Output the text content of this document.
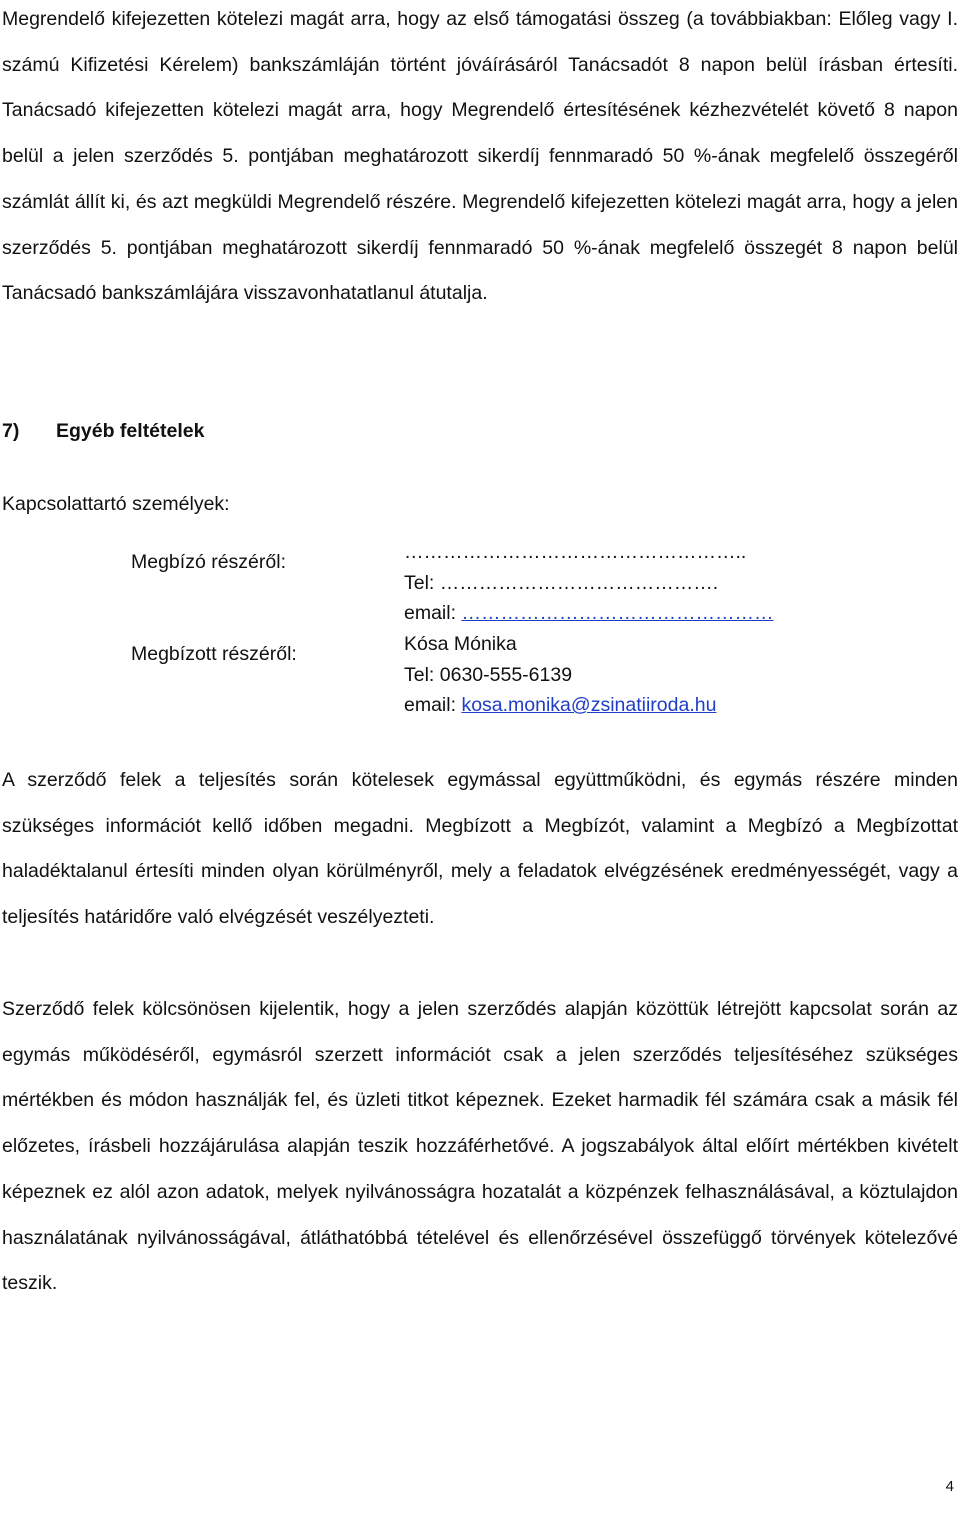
Megrendelő kifejezetten kötelezi magát arra, hogy az első támogatási összeg (a továbbiakban: Előleg vagy I. számú Kifizetési Kérelem) bankszámláján történt jóváírásáról Tanácsadót 8 napon belül írásban értesíti. Tanácsadó kifejezetten kötelezi magát arra, hogy Megrendelő értesítésének kézhezvételét követő 8 napon belül a jelen szerződés 5. pontjában meghatározott sikerdíj fennmaradó 50 %-ának megfelelő összegéről számlát állít ki, és azt megküldi Megrendelő részére. Megrendelő kifejezetten kötelezi magát arra, hogy a jelen szerződés 5. pontjában meghatározott sikerdíj fennmaradó 50 %-ának megfelelő összegét 8 napon belül Tanácsadó bankszámlájára visszavonhatatlanul átutalja.

7) Egyéb feltételek

Kapcsolattartó személyek:

Megbízó részéről:	……………………………………………..
Tel: …………………………………….
email: …………………………………………

Megbízott részéről:	Kósa Mónika
Tel: 0630-555-6139
email: kosa.monika@zsinatiiroda.hu

A szerződő felek a teljesítés során kötelesek egymással együttműködni, és egymás részére minden szükséges információt kellő időben megadni. Megbízott a Megbízót, valamint a Megbízó a Megbízottat haladéktalanul értesíti minden olyan körülményről, mely a feladatok elvégzésének eredményességét, vagy a teljesítés határidőre való elvégzését veszélyezteti.

Szerződő felek kölcsönösen kijelentik, hogy a jelen szerződés alapján közöttük létrejött kapcsolat során az egymás működéséről, egymásról szerzett információt csak a jelen szerződés teljesítéséhez szükséges mértékben és módon használják fel, és üzleti titkot képeznek. Ezeket harmadik fél számára csak a másik fél előzetes, írásbeli hozzájárulása alapján teszik hozzáférhetővé. A jogszabályok által előírt mértékben kivételt képeznek ez alól azon adatok, melyek nyilvánosságra hozatalát a közpénzek felhasználásával, a köztulajdon használatának nyilvánosságával, átláthatóbbá tételével és ellenőrzésével összefüggő törvények kötelezővé teszik.

4
